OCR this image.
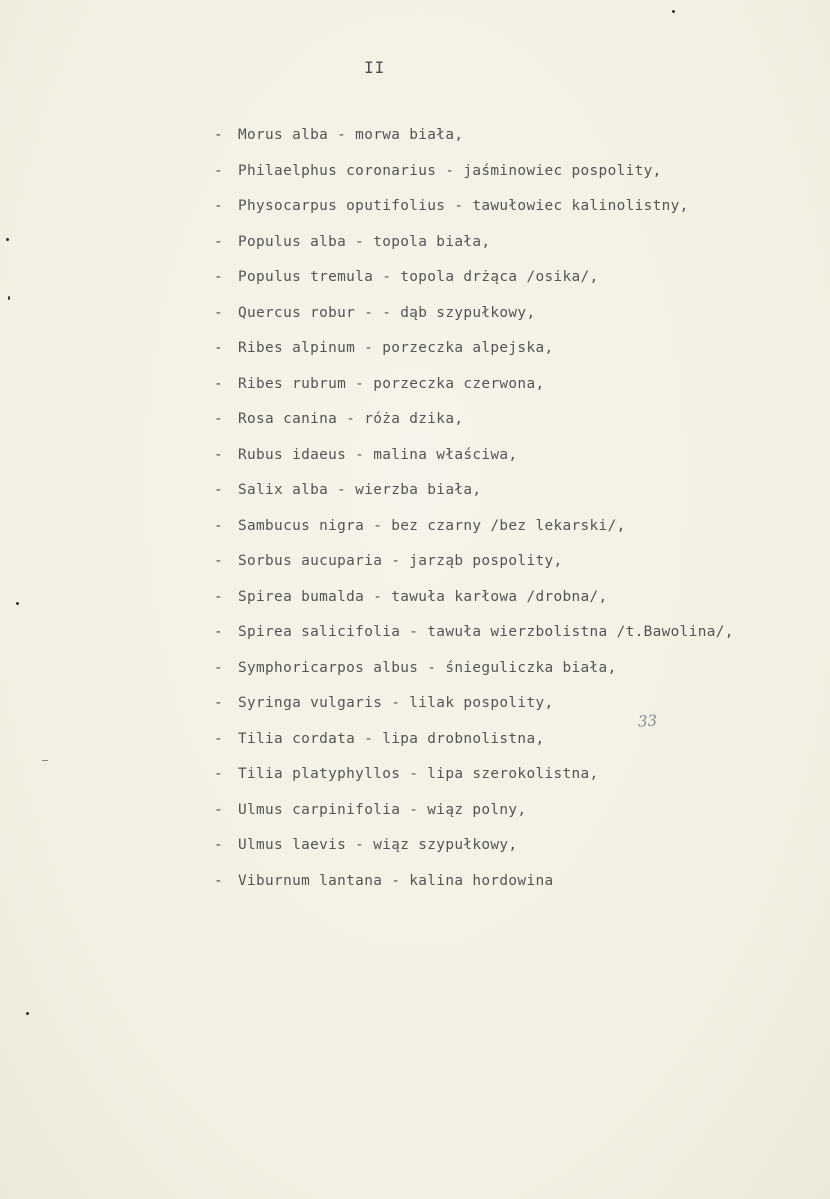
II
- Morus alba - morwa biała,
- Philaelphus coronarius - jaśminowiec pospolity,
- Physocarpus oputifolius - tawułowiec kalinolistny,
- Populus alba - topola biała,
- Populus tremula - topola drżąca /osika/,
- Quercus robur - - dąb szypułkowy,
- Ribes alpinum - porzeczka alpejska,
- Ribes rubrum - porzeczka czerwona,
- Rosa canina - róża dzika,
- Rubus idaeus - malina właściwa,
- Salix alba - wierzba biała,
- Sambucus nigra - bez czarny /bez lekarski/,
- Sorbus aucuparia - jarząb pospolity,
- Spirea bumalda - tawuła karłowa /drobna/,
- Spirea salicifolia - tawuła wierzbolistna /t.Bawolina/,
- Symphoricarpos albus - śnieguliczka biała,
- Syringa vulgaris - lilak pospolity,
- Tilia cordata - lipa drobnolistna,
- Tilia platyphyllos - lipa szerokolistna,
- Ulmus carpinifolia - wiąz polny,
- Ulmus laevis - wiąz szypułkowy,
- Viburnum lantana - kalina hordowina
33
